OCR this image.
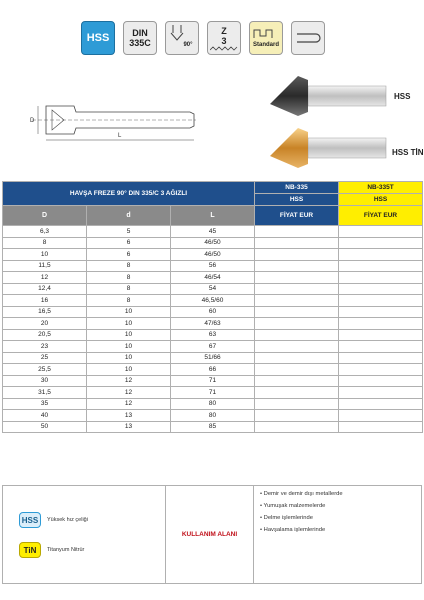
HSS	DIN
335C	90°
Z
3	Standard
D
L
HSS
HSS TİN
HAVŞA FREZE 90° DIN 335/C 3 AĞIZLI			NB-335	NB-335T
			HSS	HSS
D	d	L	FİYAT EUR	FİYAT EUR
6,3	5	45		
8	6	46/50		
10	6	46/50		
11,5	8	56		
12	8	46/54		
12,4	8	54		
16	8	46,5/60		
16,5	10	60		
20	10	47/63		
20,5	10	63		
23	10	67		
25	10	51/66		
25,5	10	66		
30	12	71		
31,5	12	71		
35	12	80		
40	13	80		
50	13	85		
HSS	Yüksek hız çeliği
TiN	Titanyum Nitrür
KULLANIM ALANI
• Demir ve demir dışı metallerde
• Yumuşak malzemelerde
• Delme işlemlerinde
• Havşalama işlemlerinde
